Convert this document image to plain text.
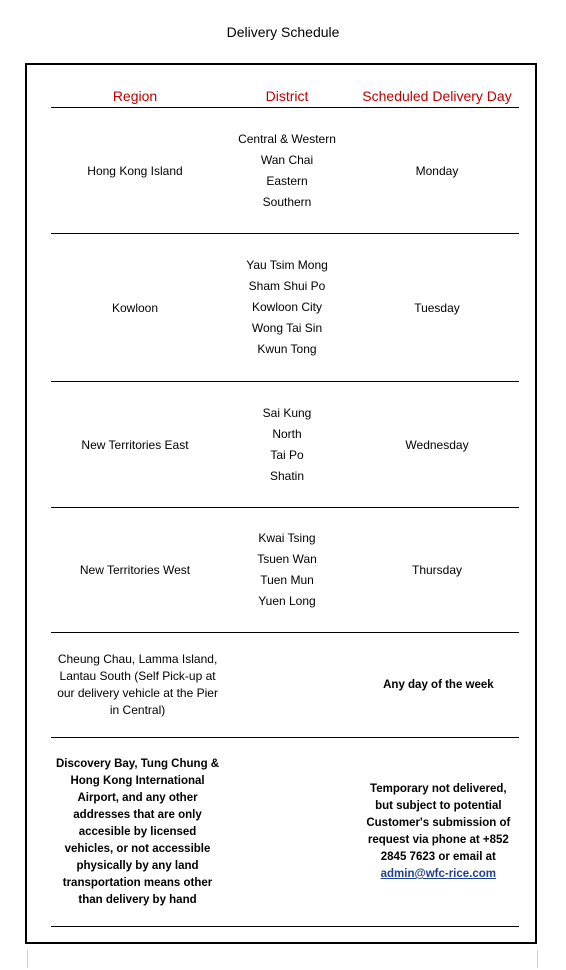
Delivery Schedule
Region	District	Scheduled Delivery Day
Hong Kong Island
Central & Western
Wan Chai
Eastern
Southern
Monday
Kowloon
Yau Tsim Mong
Sham Shui Po
Kowloon City
Wong Tai Sin
Kwun Tong
Tuesday
New Territories East
Sai Kung
North
Tai Po
Shatin
Wednesday
New Territories West
Kwai Tsing
Tsuen Wan
Tuen Mun
Yuen Long
Thursday
Cheung Chau, Lamma Island, Lantau South (Self Pick-up at our delivery vehicle at the Pier in Central)
Any day of the week
Discovery Bay, Tung Chung & Hong Kong International Airport, and any other addresses that are only accesible by licensed vehicles, or not accessible physically by any land transportation means other than delivery by hand
Temporary not delivered, but subject to potential Customer's submission of request via phone at +852 2845 7623 or email at
admin@wfc-rice.com
